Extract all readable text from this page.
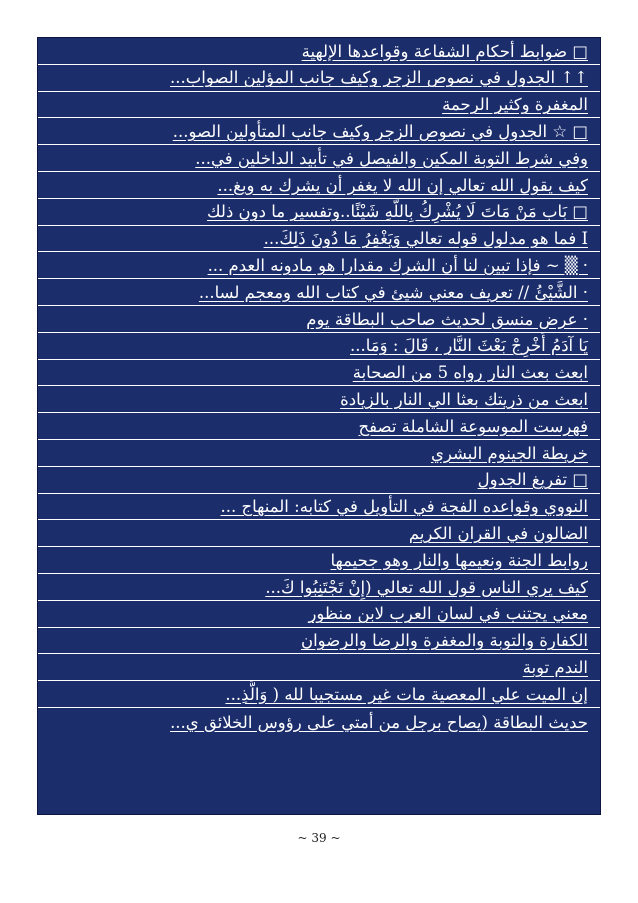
□ ضوابط أحكام الشفاعة وقواعدها الإلهية
↑↑ الجدول في نصوص الزجر وكيف جانب المؤلين الصواب...
المغفرة وكثير الرحمة
□ ☆ الجدول في نصوص الزجر وكيف جانب المتأولين الصو...
وفي شرط التوبة المكين والفيصل في تأبيد الداخلين في...
كيف يقول الله تعالي إن الله لا يغفر أن يشرك به ويغ...
□ بَاب مَنْ مَاتَ لَا يُشْرِكُ بِاللَّهِ شَيْئًا..وتفسير ما دون ذلك
I فما هو مدلول قوله تعالي وَيَغْفِرُ مَا دُونَ ذَلِكَ...
· ▒ ~ فإذا تبين لنا أن الشرك مقدارا هو مادونه العدم ...
· الشَّيْئُ // تعريف معني شيئ في كتاب الله ومعجم لسا...
· عرض منسق لحديث صاحب البطاقة يوم
يَا آدَمُ أَخْرِجْ بَعْثَ النَّار ، قَالَ : وَمَا...
ابعث بعث النار رواه 5 من الصحابة
ابعث من ذريتك بعثا الي النار بالزيادة
فهرست الموسوعة الشاملة تصفح
خريطة الجينوم البشري
□ تفريغ الجدول
النووي وقواعده الفجة في التأويل في كتابه: المنهاج ...
الضالون في القران الكريم
روابط الجنة ونعيمها والنار وهو جحيمها
كيف يري الناس قول الله تعالي (إِنْ تَجْتَنِبُوا كَ...
معني يجتنب في لسان العرب لابن منظور
الكفارة والتوبة والمغفرة والرضا والرضوان
الندم توبة
إن الميت علي المعصية مات غير مستجيبا لله ( وَالَّذِ...
حديث البطاقة (يصاح برجل من أمتي على رؤوس الخلائق ي...
~ 39 ~
